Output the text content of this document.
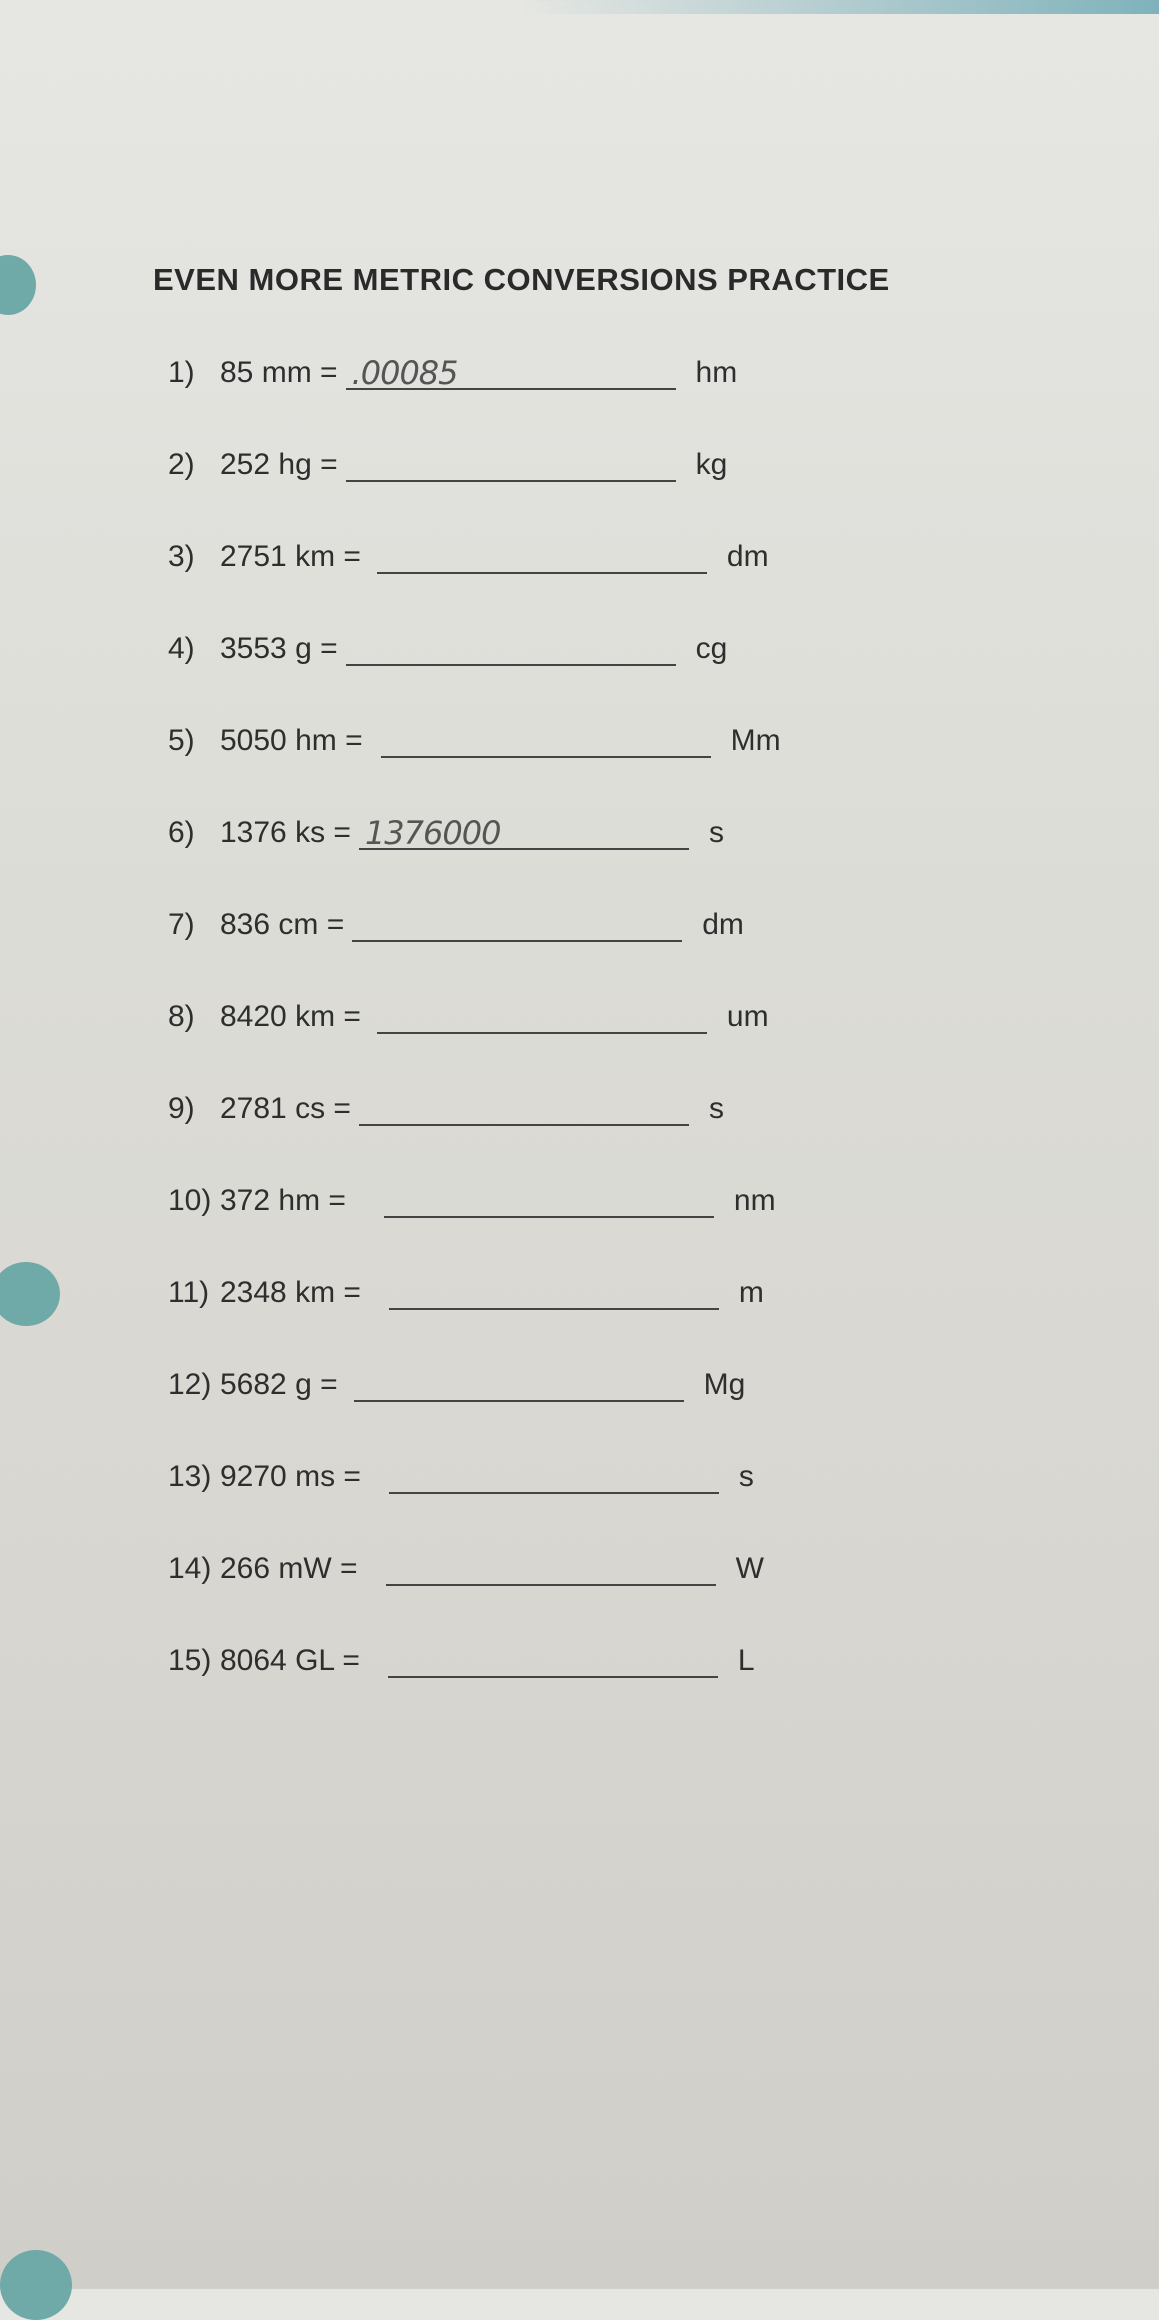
EVEN MORE METRIC CONVERSIONS PRACTICE
1) 85 mm = .00085	hm
2) 252 hg =	kg
3) 2751 km =	dm
4) 3553 g =	cg
5) 5050 hm =	Mm
6) 1376 ks = 1376000	s
7) 836 cm =	dm
8) 8420 km =	um
9) 2781 cs =	s
10) 372 hm =	nm
11) 2348 km =	m
12) 5682 g =	Mg
13) 9270 ms =	s
14) 266 mW =	W
15) 8064 GL =	L
